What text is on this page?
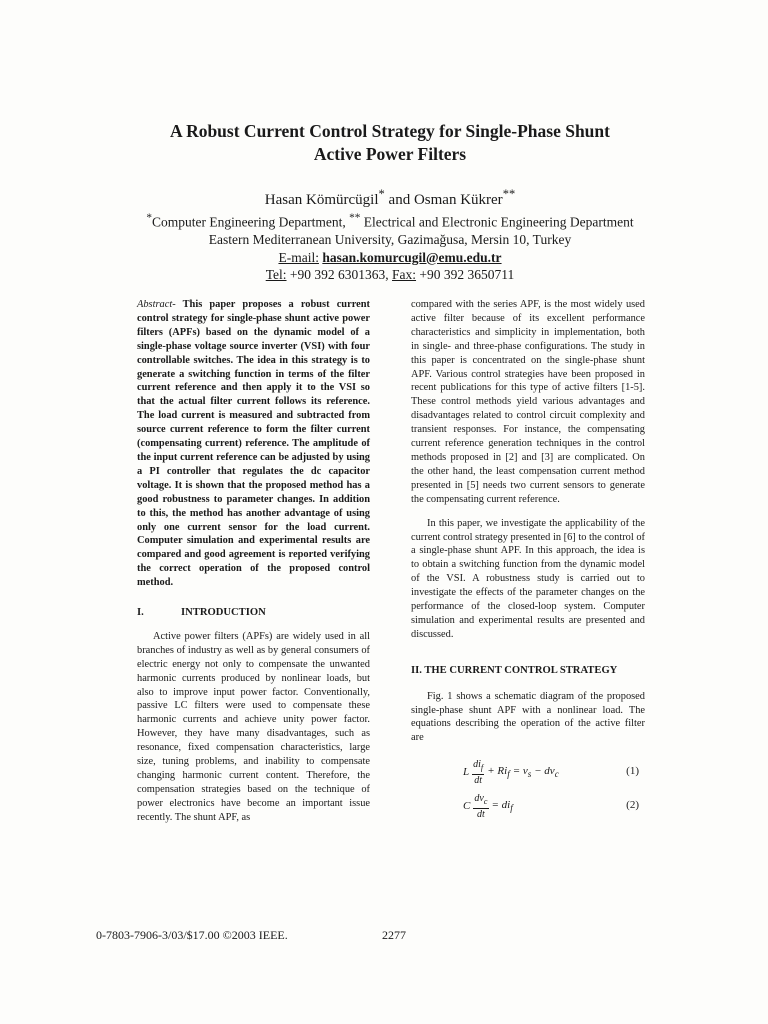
A Robust Current Control Strategy for Single-Phase Shunt
Active Power Filters

Hasan Kömürcügil* and Osman Kükrer**
*Computer Engineering Department, ** Electrical and Electronic Engineering Department
Eastern Mediterranean University, Gazimağusa, Mersin 10, Turkey
E-mail: hasan.komurcugil@emu.edu.tr
Tel: +90 392 6301363, Fax: +90 392 3650711

Abstract- This paper proposes a robust current control strategy for single-phase shunt active power filters (APFs) based on the dynamic model of a single-phase voltage source inverter (VSI) with four controllable switches. The idea in this strategy is to generate a switching function in terms of the filter current reference and then apply it to the VSI so that the actual filter current follows its reference. The load current is measured and subtracted from source current reference to form the filter current (compensating current) reference. The amplitude of the input current reference can be adjusted by using a PI controller that regulates the dc capacitor voltage. It is shown that the proposed method has a good robustness to parameter changes. In addition to this, the method has another advantage of using only one current sensor for the load current. Computer simulation and experimental results are compared and good agreement is reported verifying the correct operation of the proposed control method.

I.	INTRODUCTION

Active power filters (APFs) are widely used in all branches of industry as well as by general consumers of electric energy not only to compensate the unwanted harmonic currents produced by nonlinear loads, but also to improve input power factor. Conventionally, passive LC filters were used to compensate these harmonic currents and achieve unity power factor. However, they have many disadvantages, such as resonance, fixed compensation characteristics, large size, tuning problems, and inability to compensate changing harmonic current content. Therefore, the compensation strategies based on the technique of power electronics have become an important issue recently. The shunt APF, as

compared with the series APF, is the most widely used active filter because of its excellent performance characteristics and simplicity in implementation, both in single- and three-phase configurations. The study in this paper is concentrated on the single-phase shunt APF. Various control strategies have been proposed in recent publications for this type of active filters [1-5]. These control methods yield various advantages and disadvantages related to control circuit complexity and transient responses. For instance, the compensating current reference generation techniques in the control methods proposed in [2] and [3] are complicated. On the other hand, the least compensation current method presented in [5] needs two current sensors to generate the compensating current reference.

In this paper, we investigate the applicability of the current control strategy presented in [6] to the control of a single-phase shunt APF. In this approach, the idea is to obtain a switching function from the dynamic model of the VSI. A robustness study is carried out to investigate the effects of the parameter changes on the performance of the closed-loop system. Computer simulation and experimental results are presented and discussed.

II. THE CURRENT CONTROL STRATEGY

Fig. 1 shows a schematic diagram of the proposed single-phase shunt APF with a nonlinear load. The equations describing the operation of the active filter are

L $\frac{di_f}{dt} + Ri_f = v_s - dv_c$	(1)
C $\frac{dv_c}{dt} = di_f$	(2)
0-7803-7906-3/03/$17.00 ©2003 IEEE.	2277
